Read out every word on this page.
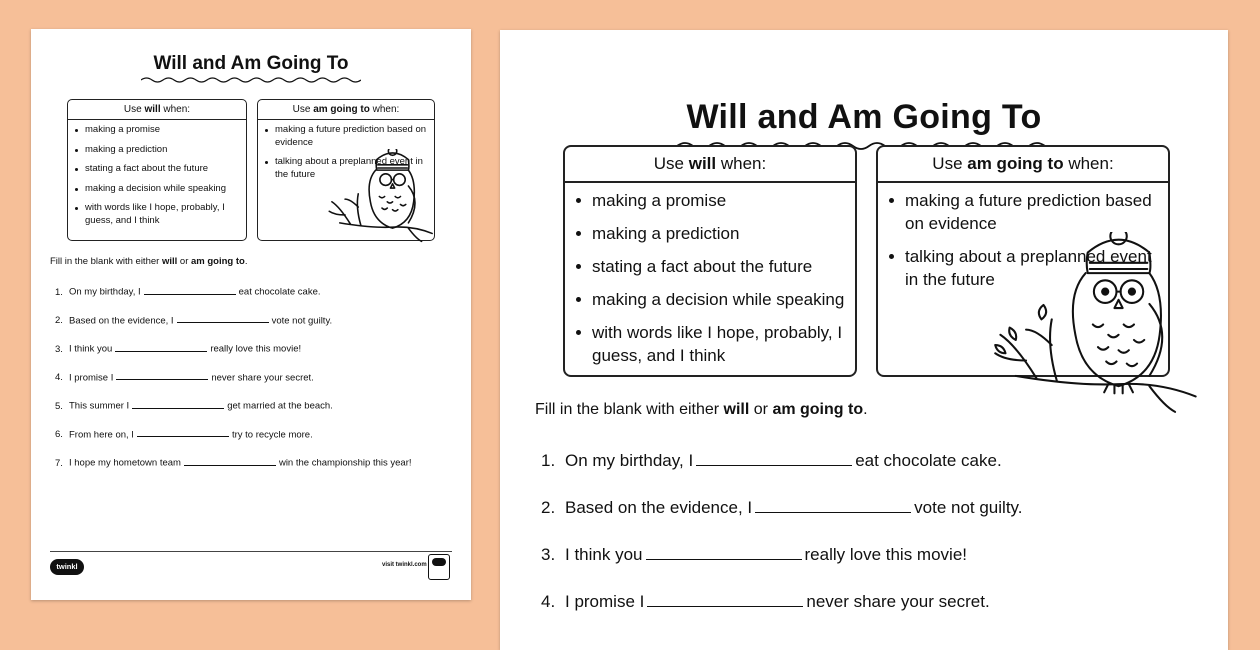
Will and Am Going To
Use will when:
making a promise
making a prediction
stating a fact about the future
making a decision while speaking
with words like I hope, probably, I guess, and I think
Use am going to when:
making a future prediction based on evidence
talking about a preplanned event in the future
Fill in the blank with either will or am going to.
1. On my birthday, I	eat chocolate cake.
2. Based on the evidence, I	vote not guilty.
3. I think you	really love this movie!
4. I promise I	never share your secret.
5. This summer I	get married at the beach.
6. From here on, I	try to recycle more.
7. I hope my hometown team	win the championship this year!
twinkl	visit twinkl.com
Will and Am Going To
Use will when:
making a promise
making a prediction
stating a fact about the future
making a decision while speaking
with words like I hope, probably, I guess, and I think
Use am going to when:
making a future prediction based on evidence
talking about a preplanned event in the future
Fill in the blank with either will or am going to.
1. On my birthday, I	eat chocolate cake.
2. Based on the evidence, I	vote not guilty.
3. I think you	really love this movie!
4. I promise I	never share your secret.
